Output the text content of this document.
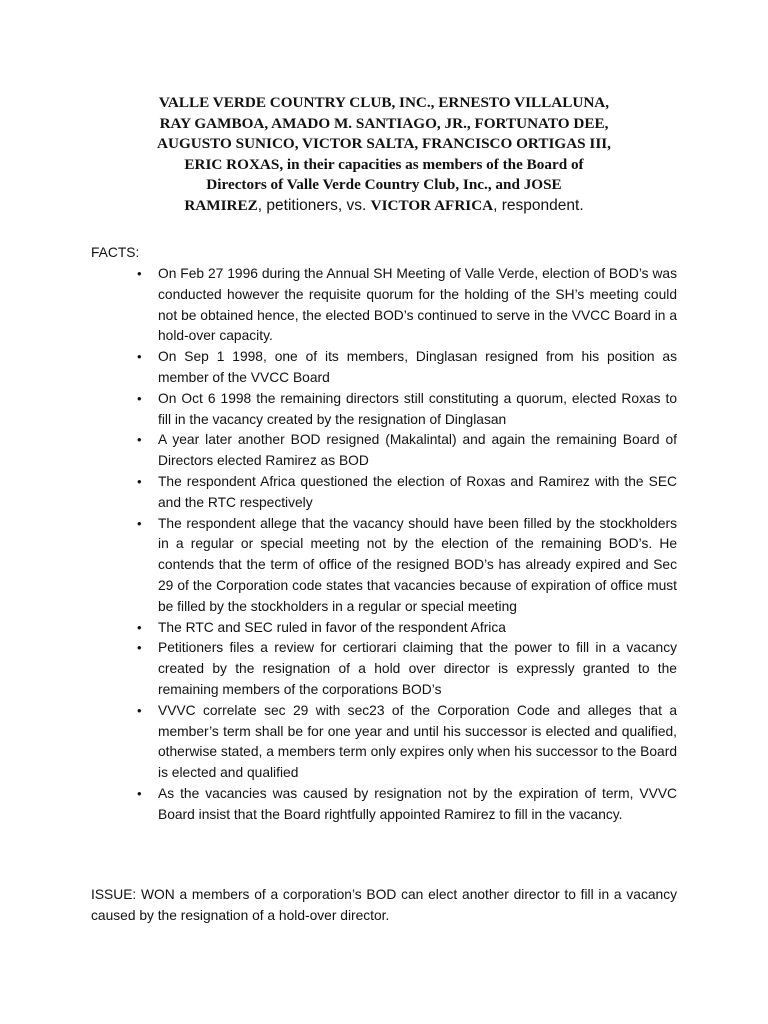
VALLE VERDE COUNTRY CLUB, INC., ERNESTO VILLALUNA,
RAY GAMBOA, AMADO M. SANTIAGO, JR., FORTUNATO DEE,
AUGUSTO SUNICO, VICTOR SALTA, FRANCISCO ORTIGAS III,
ERIC ROXAS, in their capacities as members of the Board of
Directors of Valle Verde Country Club, Inc., and JOSE
RAMIREZ, petitioners, vs. VICTOR AFRICA, respondent.
FACTS:
• On Feb 27 1996 during the Annual SH Meeting of Valle Verde, election of BOD’s was conducted however the requisite quorum for the holding of the SH’s meeting could not be obtained hence, the elected BOD’s continued to serve in the VVCC Board in a hold-over capacity.
• On Sep 1 1998, one of its members, Dinglasan resigned from his position as member of the VVCC Board
• On Oct 6 1998 the remaining directors still constituting a quorum, elected Roxas to fill in the vacancy created by the resignation of Dinglasan
• A year later another BOD resigned (Makalintal) and again the remaining Board of Directors elected Ramirez as BOD
• The respondent Africa questioned the election of Roxas and Ramirez with the SEC and the RTC respectively
• The respondent allege that the vacancy should have been filled by the stockholders in a regular or special meeting not by the election of the remaining BOD’s. He contends that the term of office of the resigned BOD’s has already expired and Sec 29 of the Corporation code states that vacancies because of expiration of office must be filled by the stockholders in a regular or special meeting
• The RTC and SEC ruled in favor of the respondent Africa
• Petitioners files a review for certiorari claiming that the power to fill in a vacancy created by the resignation of a hold over director is expressly granted to the remaining members of the corporations BOD’s
• VVVC correlate sec 29 with sec23 of the Corporation Code and alleges that a member’s term shall be for one year and until his successor is elected and qualified, otherwise stated, a members term only expires only when his successor to the Board is elected and qualified
• As the vacancies was caused by resignation not by the expiration of term, VVVC Board insist that the Board rightfully appointed Ramirez to fill in the vacancy.
ISSUE: WON a members of a corporation’s BOD can elect another director to fill in a vacancy caused by the resignation of a hold-over director.
